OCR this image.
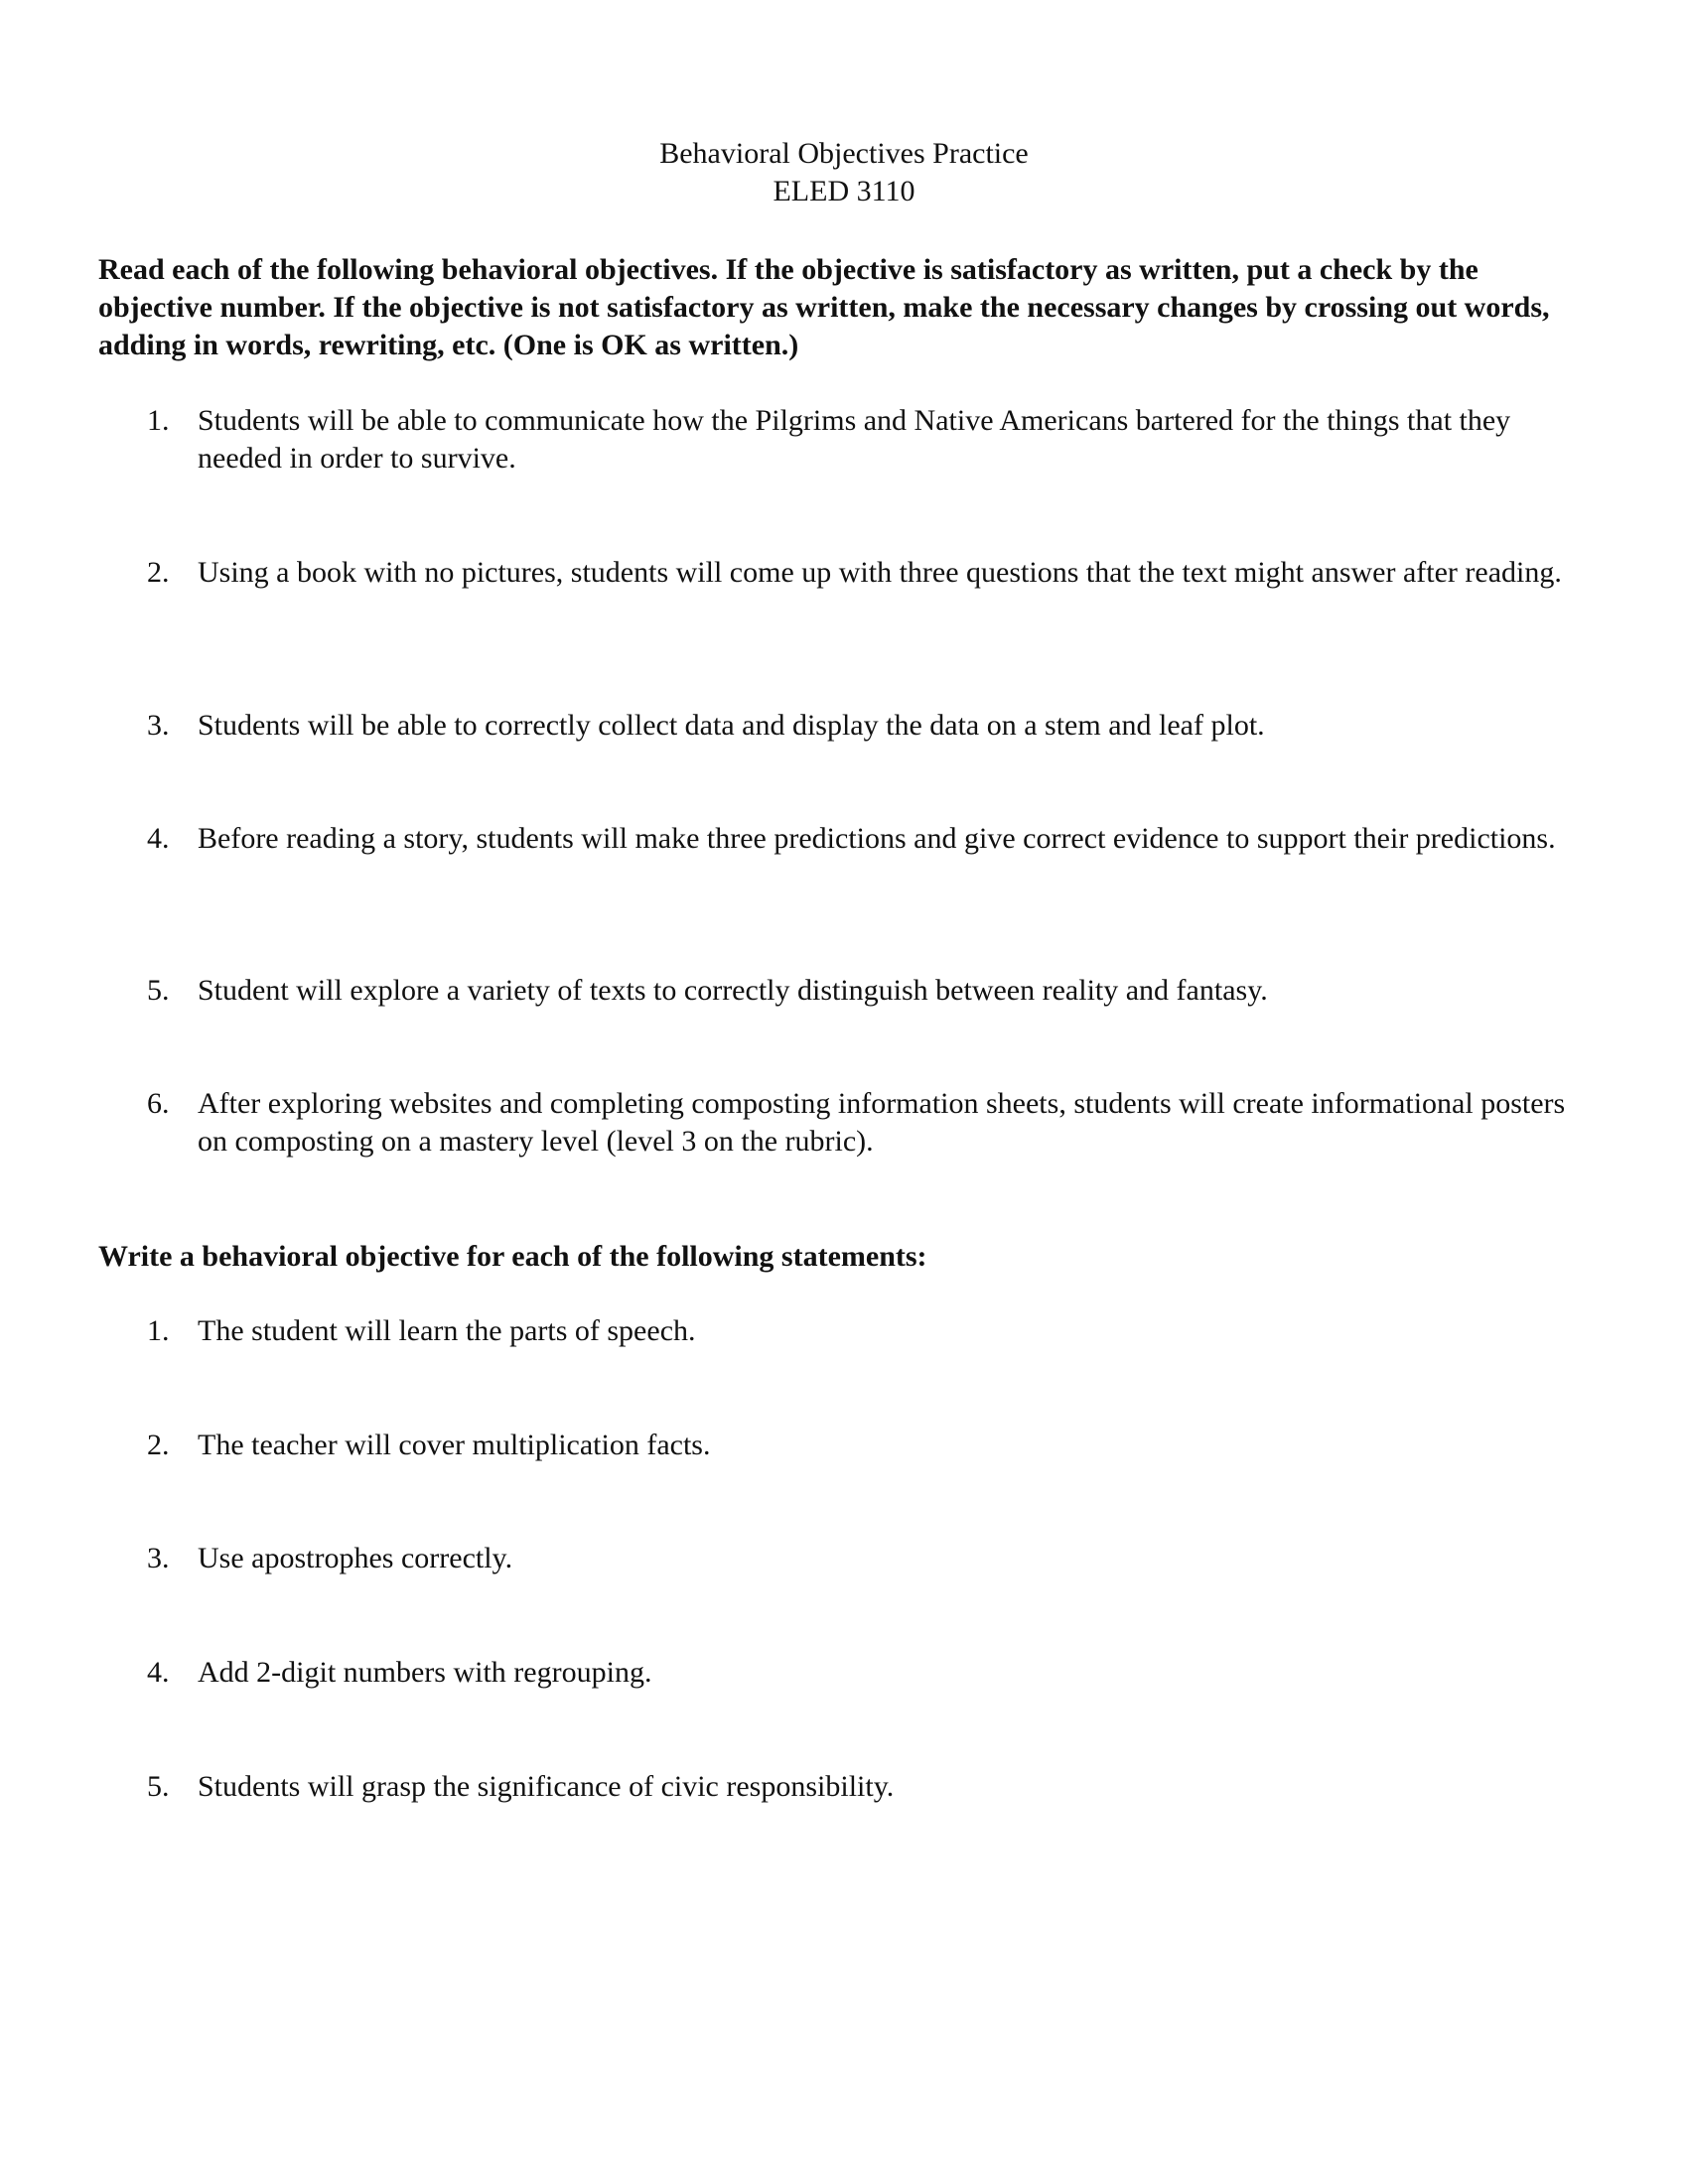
Behavioral Objectives Practice
ELED 3110

Read each of the following behavioral objectives. If the objective is satisfactory as written, put a check by the objective number. If the objective is not satisfactory as written, make the necessary changes by crossing out words, adding in words, rewriting, etc. (One is OK as written.)

1. Students will be able to communicate how the Pilgrims and Native Americans bartered for the things that they needed in order to survive.
2. Using a book with no pictures, students will come up with three questions that the text might answer after reading.
3. Students will be able to correctly collect data and display the data on a stem and leaf plot.
4. Before reading a story, students will make three predictions and give correct evidence to support their predictions.
5. Student will explore a variety of texts to correctly distinguish between reality and fantasy.
6. After exploring websites and completing composting information sheets, students will create informational posters on composting on a mastery level (level 3 on the rubric).

Write a behavioral objective for each of the following statements:

1. The student will learn the parts of speech.
2. The teacher will cover multiplication facts.
3. Use apostrophes correctly.
4. Add 2-digit numbers with regrouping.
5. Students will grasp the significance of civic responsibility.
